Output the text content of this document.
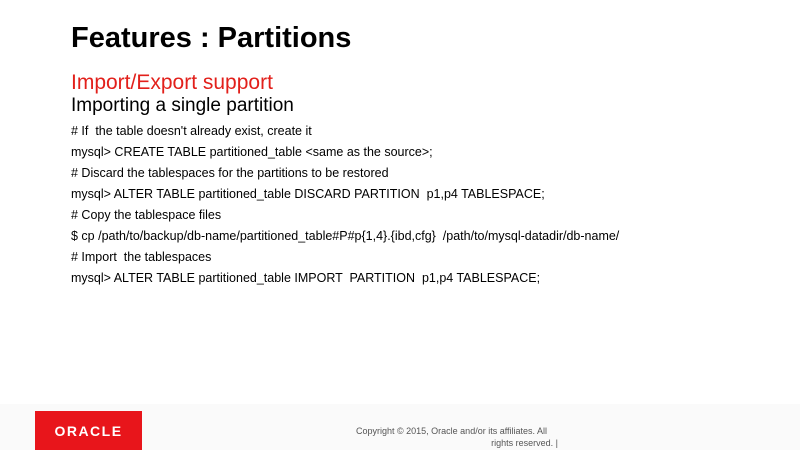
Features : Partitions
Import/Export support
Importing a single partition
# If  the table doesn't already exist, create it
mysql> CREATE TABLE partitioned_table <same as the source>;
# Discard the tablespaces for the partitions to be restored
mysql> ALTER TABLE partitioned_table DISCARD PARTITION  p1,p4 TABLESPACE;
# Copy the tablespace files
$ cp /path/to/backup/db-name/partitioned_table#P#p{1,4}.{ibd,cfg}  /path/to/mysql-datadir/db-name/
# Import  the tablespaces
mysql> ALTER TABLE partitioned_table IMPORT  PARTITION  p1,p4 TABLESPACE;
ORACLE	Copyright © 2015, Oracle and/or its affiliates. All
rights reserved. |
